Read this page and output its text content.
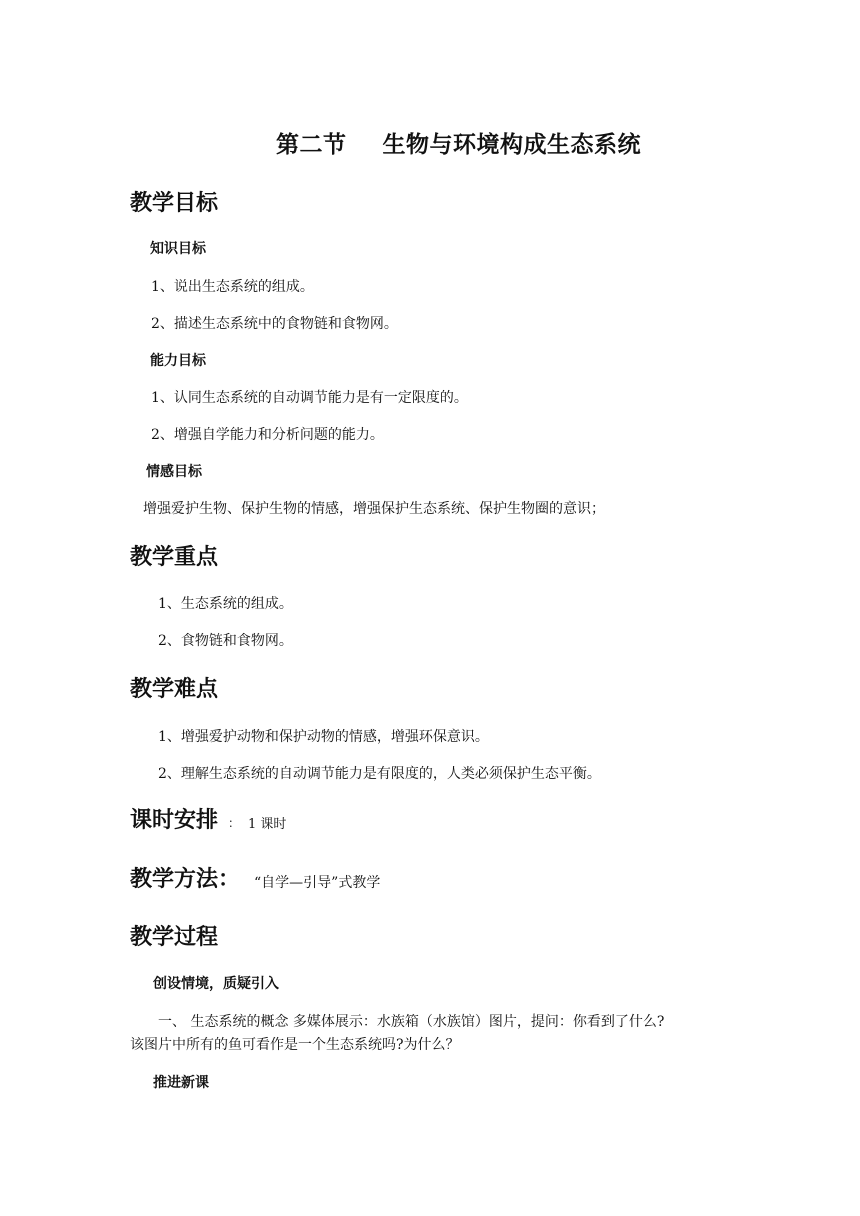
第二节 生物与环境构成生态系统
教学目标
知识目标
1、说出生态系统的组成。
2、描述生态系统中的食物链和食物网。
能力目标
1、认同生态系统的自动调节能力是有一定限度的。
2、增强自学能力和分析问题的能力。
情感目标
增强爱护生物、保护生物的情感，增强保护生态系统、保护生物圈的意识；
教学重点
1、生态系统的组成。
2、食物链和食物网。
教学难点
1、增强爱护动物和保护动物的情感，增强环保意识。
2、理解生态系统的自动调节能力是有限度的，人类必须保护生态平衡。
课时安排 ： 1 课时
教学方法： “自学—引导”式教学
教学过程
创设情境，质疑引入
一、 生态系统的概念 多媒体展示：水族箱（水族馆）图片，提问：你看到了什么?
该图片中所有的鱼可看作是一个生态系统吗?为什么？
推进新课
